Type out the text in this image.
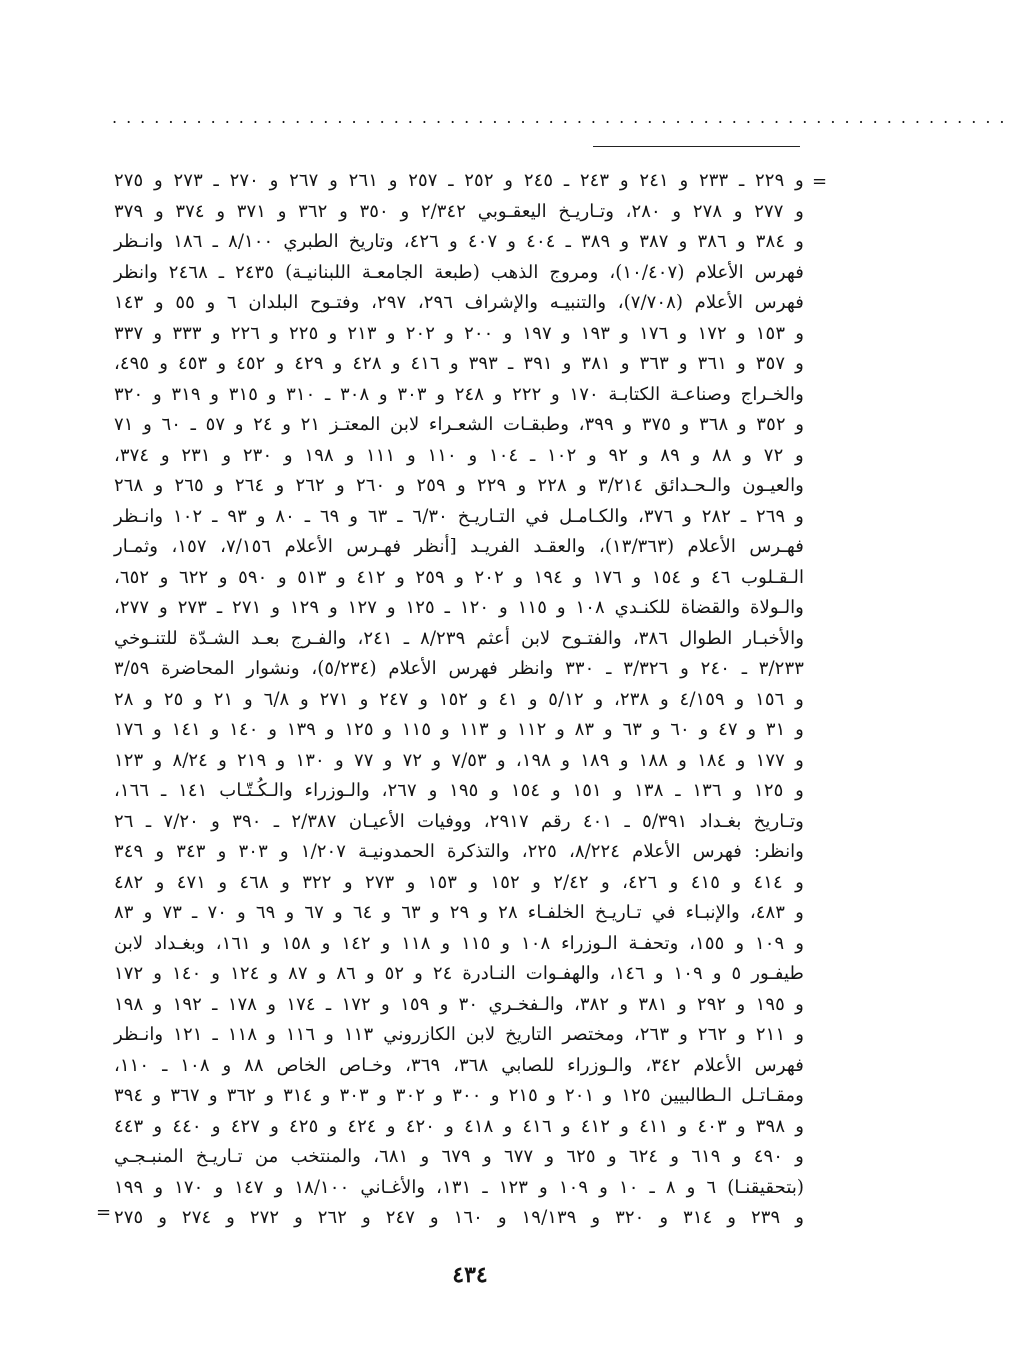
................................................................
=
و ٢٢٩ ـ ٢٣٣ و ٢٤١ و ٢٤٣ ـ ٢٤٥ و ٢٥٢ ـ ٢٥٧ و ٢٦١ و ٢٦٧ و ٢٧٠ ـ ٢٧٣ و ٢٧٥
و ٢٧٧ و ٢٧٨ و ٢٨٠، وتـاريـخ اليعقـوبي ٢/٣٤٢ و ٣٥٠ و ٣٦٢ و ٣٧١ و ٣٧٤ و ٣٧٩
و ٣٨٤ و ٣٨٦ و ٣٨٧ و ٣٨٩ ـ ٤٠٤ و ٤٠٧ و ٤٢٦، وتاريخ الطبري ٨/١٠٠ ـ ١٨٦ وانـظر
فهرس الأعلام (١٠/٤٠٧)، ومروج الذهب (طبعة الجامعـة اللبنانيـة) ٢٤٣٥ ـ ٢٤٦٨ وانظر
فهرس الأعلام (٧/٧٠٨)، والتنبيـه والإشراف ٢٩٦، ٢٩٧، وفتـوح البلدان ٦ و ٥٥ و ١٤٣
و ١٥٣ و ١٧٢ و ١٧٦ و ١٩٣ و ١٩٧ و ٢٠٠ و ٢٠٢ و ٢١٣ و ٢٢٥ و ٢٢٦ و ٣٣٣ و ٣٣٧
و ٣٥٧ و ٣٦١ و ٣٦٣ و ٣٨١ و ٣٩١ ـ ٣٩٣ و ٤١٦ و ٤٢٨ و ٤٢٩ و ٤٥٢ و ٤٥٣ و ٤٩٥،
والخـراج وصناعـة الكتابـة ١٧٠ و ٢٢٢ و ٢٤٨ و ٣٠٣ و ٣٠٨ ـ ٣١٠ و ٣١٥ و ٣١٩ و ٣٢٠
و ٣٥٢ و ٣٦٨ و ٣٧٥ و ٣٩٩، وطبقـات الشعـراء لابن المعتـز ٢١ و ٢٤ و ٥٧ ـ ٦٠ و ٧١
و ٧٢ و ٨٨ و ٨٩ و ٩٢ و ١٠٢ ـ ١٠٤ و ١١٠ و ١١١ و ١٩٨ و ٢٣٠ و ٢٣١ و ٣٧٤،
والعيـون والـحـدائق ٣/٢١٤ و ٢٢٨ و ٢٢٩ و ٢٥٩ و ٢٦٠ و ٢٦٢ و ٢٦٤ و ٢٦٥ و ٢٦٨
و ٢٦٩ ـ ٢٨٢ و ٣٧٦، والكـامـل في التـاريـخ ٦/٣٠ ـ ٦٣ و ٦٩ ـ ٨٠ و ٩٣ ـ ١٠٢ وانـظر
فهـرس الأعلام (١٣/٣٦٣)، والعقـد الفريـد [أنظر فهـرس الأعلام ٧/١٥٦، ١٥٧، وثمـار
الـقـلوب ٤٦ و ١٥٤ و ١٧٦ و ١٩٤ و ٢٠٢ و ٢٥٩ و ٤١٢ و ٥١٣ و ٥٩٠ و ٦٢٢ و ٦٥٢،
والـولاة والقضاة للكنـدي ١٠٨ و ١١٥ و ١٢٠ ـ ١٢٥ و ١٢٧ و ١٢٩ و ٢٧١ ـ ٢٧٣ و ٢٧٧،
والأخبـار الطوال ٣٨٦، والفتـوح لابن أعثم ٨/٢٣٩ ـ ٢٤١، والفـرج بعـد الشـدّة للتنـوخي
٣/٢٣٣ ـ ٢٤٠ و ٣/٣٢٦ ـ ٣٣٠ وانظر فهرس الأعلام (٥/٢٣٤)، ونشوار المحاضرة ٣/٥٩
و ١٥٦ و ٤/١٥٩ و ٢٣٨، و ٥/١٢ و ٤١ و ١٥٢ و ٢٤٧ و ٢٧١ و ٦/٨ و ٢١ و ٢٥ و ٢٨
و ٣١ و ٤٧ و ٦٠ و ٦٣ و ٨٣ و ١١٢ و ١١٣ و ١١٥ و ١٢٥ و ١٣٩ و ١٤٠ و ١٤١ و ١٧٦
و ١٧٧ و ١٨٤ و ١٨٨ و ١٨٩ و ١٩٨، و ٧/٥٣ و ٧٢ و ٧٧ و ١٣٠ و ٢١٩ و ٨/٢٤ و ١٢٣
و ١٢٥ و ١٣٦ ـ ١٣٨ و ١٥١ و ١٥٤ و ١٩٥ و ٢٦٧، والـوزراء والـكُـتّـاب ١٤١ ـ ١٦٦،
وتـاريخ بغـداد ٥/٣٩١ ـ ٤٠١ رقم ٢٩١٧، ووفيات الأعيـان ٢/٣٨٧ ـ ٣٩٠ و ٧/٢٠ ـ ٢٦
وانظر: فهرس الأعلام ٨/٢٢٤، ٢٢٥، والتذكرة الحمدونيـة ١/٢٠٧ و ٣٠٣ و ٣٤٣ و ٣٤٩
و ٤١٤ و ٤١٥ و ٤٢٦، و ٢/٤٢ و ١٥٢ و ١٥٣ و ٢٧٣ و ٣٢٢ و ٤٦٨ و ٤٧١ و ٤٨٢
و ٤٨٣، والإنبـاء في تـاريـخ الخلفـاء ٢٨ و ٢٩ و ٦٣ و ٦٤ و ٦٧ و ٦٩ و ٧٠ ـ ٧٣ و ٨٣
و ١٠٩ و ١٥٥، وتحفـة الـوزراء ١٠٨ و ١١٥ و ١١٨ و ١٤٢ و ١٥٨ و ١٦١، وبغـداد لابن
طيفـور ٥ و ١٠٩ و ١٤٦، والهفـوات النـادرة ٢٤ و ٥٢ و ٨٦ و ٨٧ و ١٢٤ و ١٤٠ و ١٧٢
و ١٩٥ و ٢٩٢ و ٣٨١ و ٣٨٢، والـفخـري ٣٠ و ١٥٩ و ١٧٢ ـ ١٧٤ و ١٧٨ ـ ١٩٢ و ١٩٨
و ٢١١ و ٢٦٢ و ٢٦٣، ومختصر التاريخ لابن الكازروني ١١٣ و ١١٦ و ١١٨ ـ ١٢١ وانـظر
فهرس الأعلام ٣٤٢، والـوزراء للصابي ٣٦٨، ٣٦٩، وخـاص الخاص ٨٨ و ١٠٨ ـ ١١٠،
ومقـاتـل الـطالبيين ١٢٥ و ٢٠١ و ٢١٥ و ٣٠٠ و ٣٠٢ و ٣٠٣ و ٣١٤ و ٣٦٢ و ٣٦٧ و ٣٩٤
و ٣٩٨ و ٤٠٣ و ٤١١ و ٤١٢ و ٤١٦ و ٤١٨ و ٤٢٠ و ٤٢٤ و ٤٢٥ و ٤٢٧ و ٤٤٠ و ٤٤٣
و ٤٩٠ و ٦١٩ و ٦٢٤ و ٦٢٥ و ٦٧٧ و ٦٧٩ و ٦٨١، والمنتخب من تـاريـخ المنبـجـي
(بتحقيقنـا) ٦ و ٨ ـ ١٠ و ١٠٩ و ١٢٣ ـ ١٣١، والأغـاني ١٨/١٠٠ و ١٤٧ و ١٧٠ و ١٩٩
و ٢٣٩ و ٣١٤ و ٣٢٠ و ١٩/١٣٩ و ١٦٠ و ٢٤٧ و ٢٦٢ و ٢٧٢ و ٢٧٤ و ٢٧٥
=
٤٣٤
